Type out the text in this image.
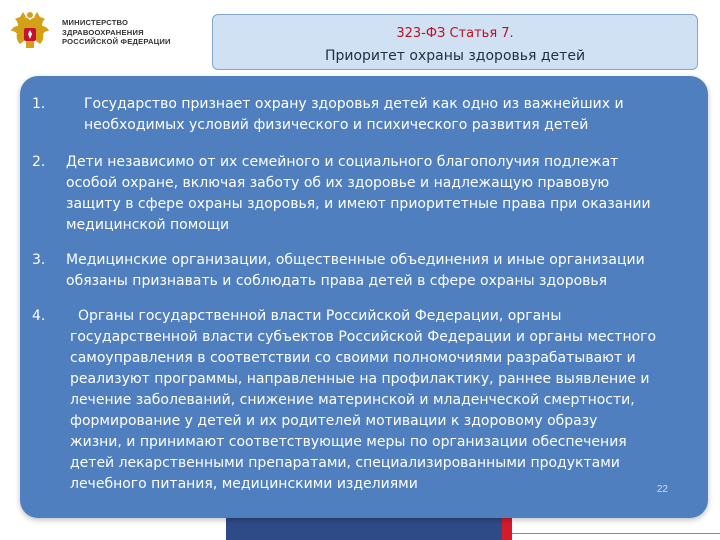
МИНИСТЕРСТВО
ЗДРАВООХРАНЕНИЯ
РОССИЙСКОЙ ФЕДЕРАЦИИ
323-ФЗ Статья 7.
Приоритет охраны здоровья детей
1.	Государство признает охрану здоровья детей как одно из важнейших и
необходимых условий физического и психического развития детей
2. Дети независимо от их семейного и социального благополучия подлежат
особой охране, включая заботу об их здоровье и надлежащую правовую
защиту в сфере охраны здоровья, и имеют приоритетные права при оказании
медицинской помощи
3. Медицинские организации, общественные объединения и иные организации
обязаны признавать и соблюдать права детей в сфере охраны здоровья
4.	Органы государственной власти Российской Федерации, органы
государственной власти субъектов Российской Федерации и органы местного
самоуправления в соответствии со своими полномочиями разрабатывают и
реализуют программы, направленные на профилактику, раннее выявление и
лечение заболеваний, снижение материнской и младенческой смертности,
формирование у детей и их родителей мотивации к здоровому образу
жизни, и принимают соответствующие меры по организации обеспечения
детей лекарственными препаратами, специализированными продуктами
лечебного питания, медицинскими изделиями	22
